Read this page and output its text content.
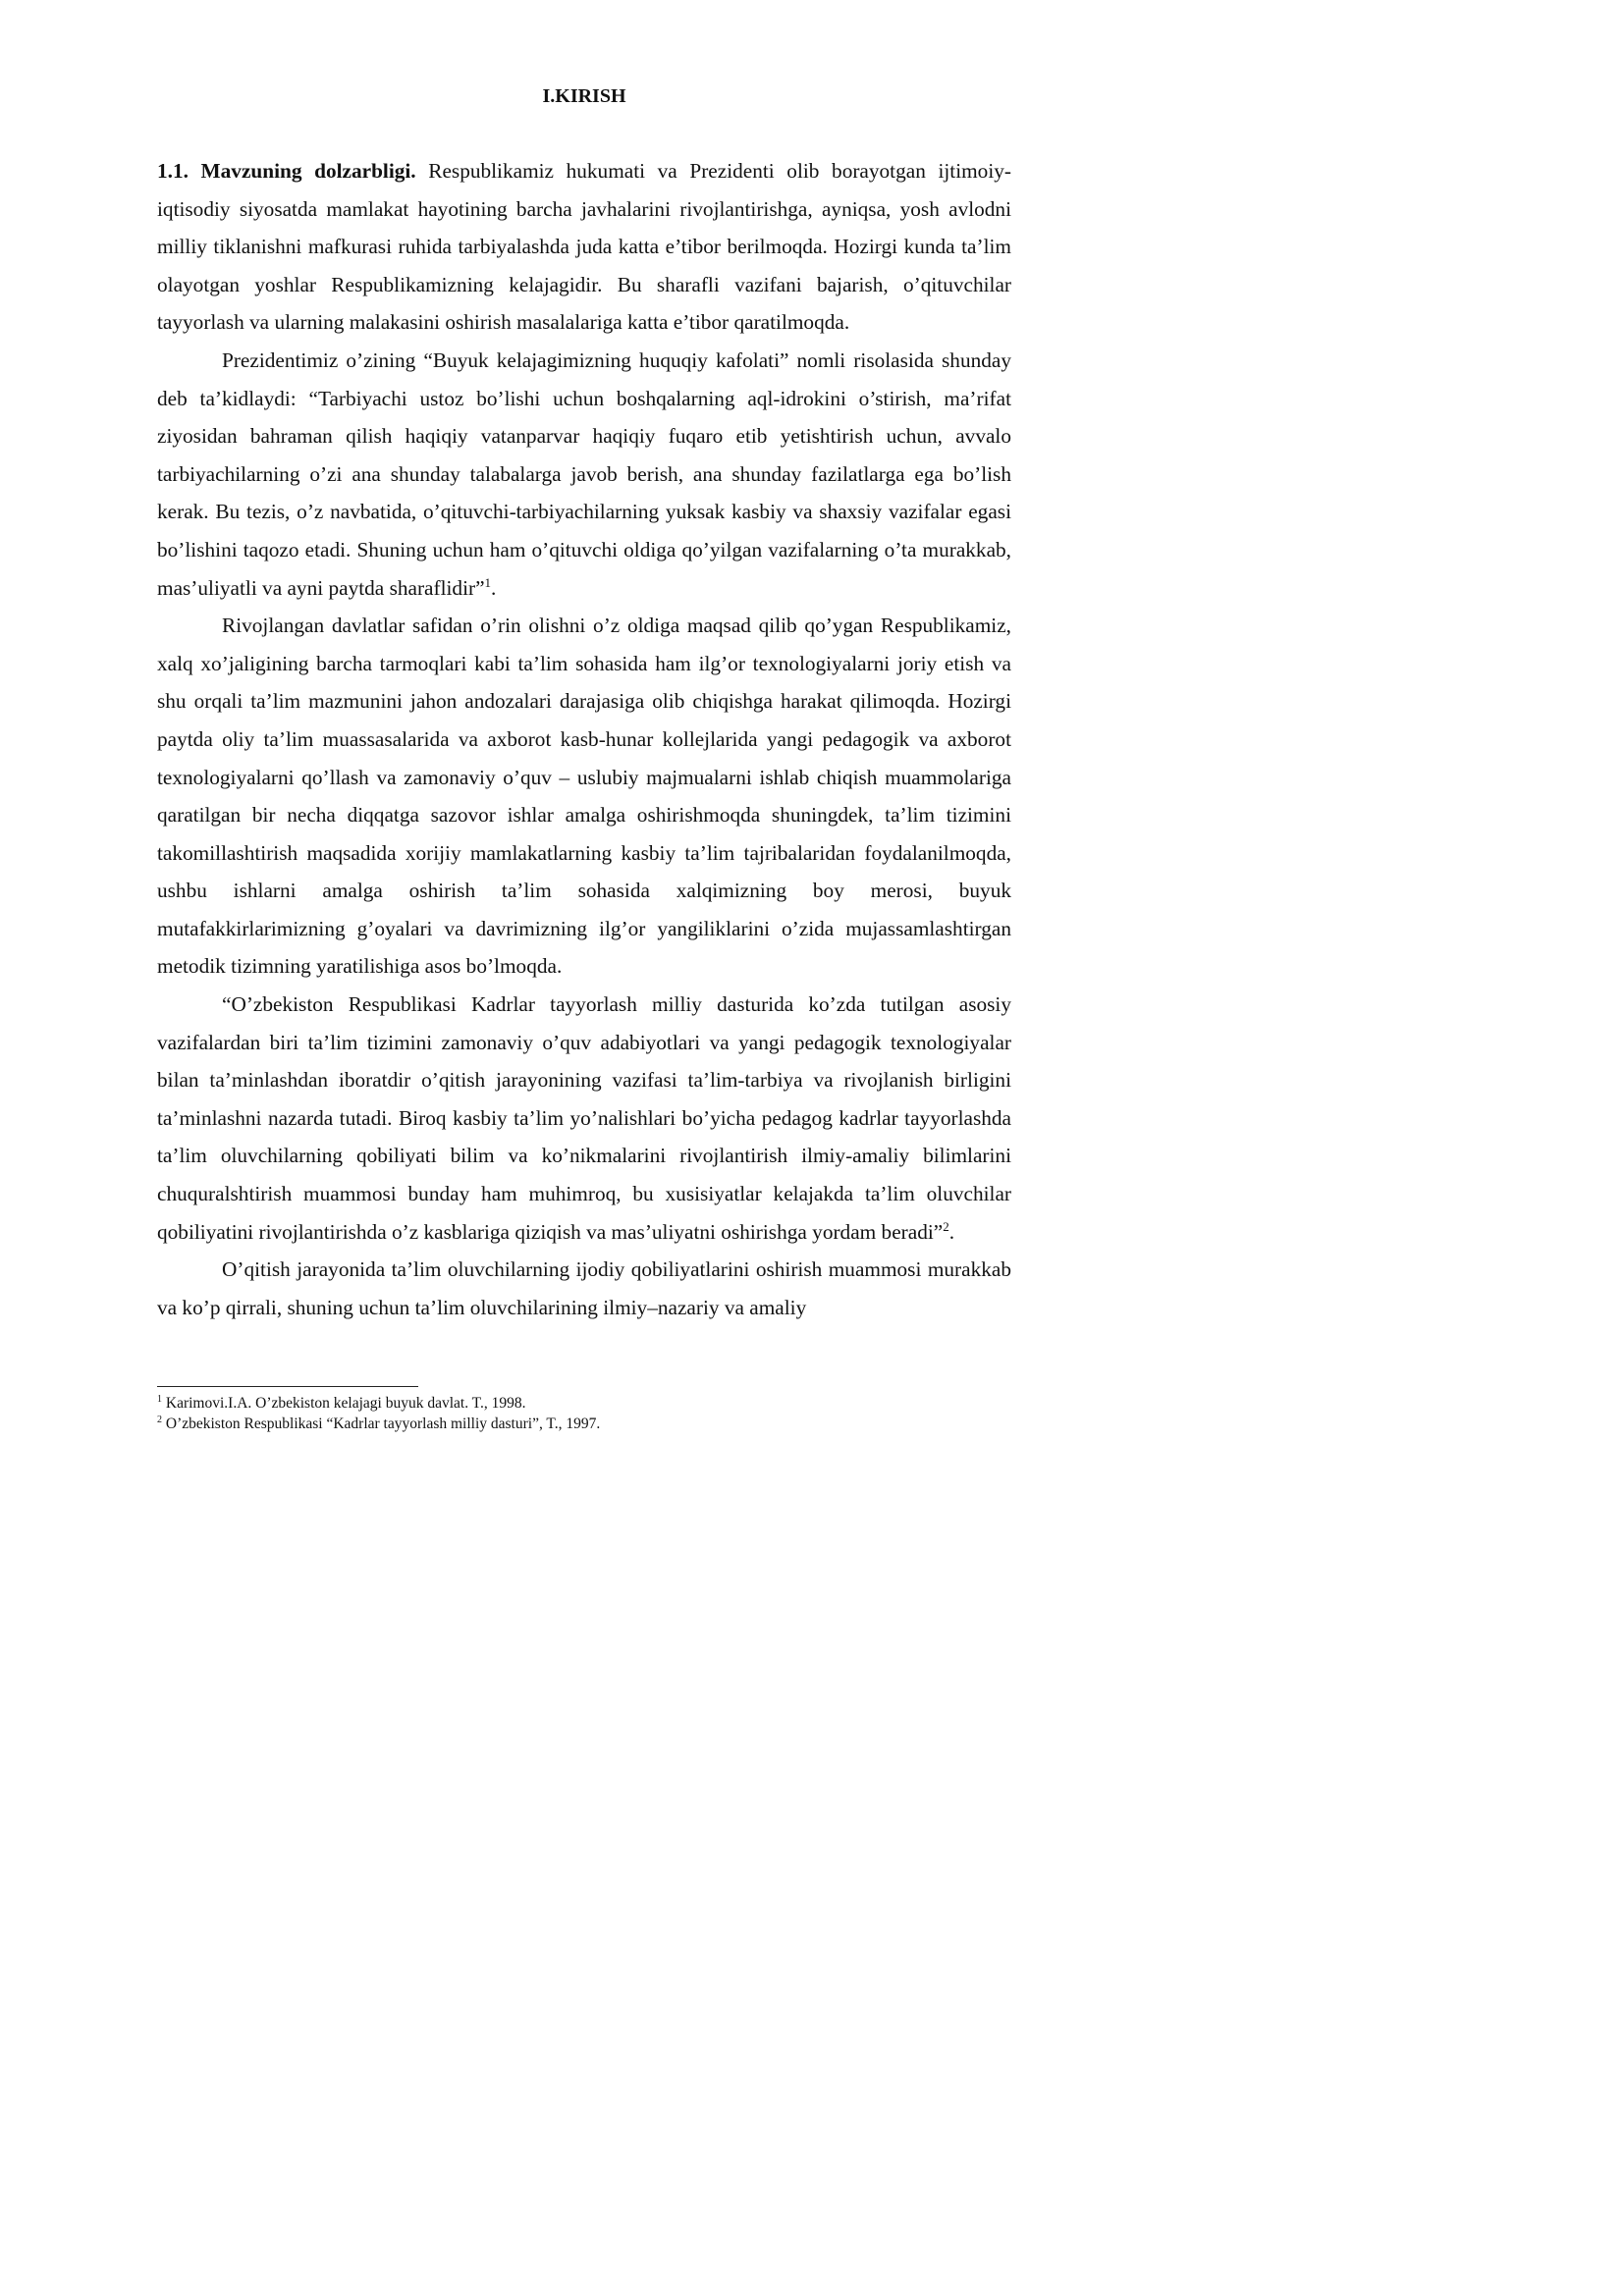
I.KIRISH

1.1. Mavzuning dolzarbligi. Respublikamiz hukumati va Prezidenti olib borayotgan ijtimoiy-iqtisodiy siyosatda mamlakat hayotining barcha javhalarini rivojlantirishga, ayniqsa, yosh avlodni milliy tiklanishni mafkurasi ruhida tarbiyalashda juda katta e’tibor berilmoqda. Hozirgi kunda ta’lim olayotgan yoshlar Respublikamizning kelajagidir. Bu sharafli vazifani bajarish, o’qituvchilar tayyorlash va ularning malakasini oshirish masalalariga katta e’tibor qaratilmoqda.

Prezidentimiz o’zining “Buyuk kelajagimizning huquqiy kafolati” nomli risolasida shunday deb ta’kidlaydi: “Tarbiyachi ustoz bo’lishi uchun boshqalarning aql-idrokini o’stirish, ma’rifat ziyosidan bahraman qilish haqiqiy vatanparvar haqiqiy fuqaro etib yetishtirish uchun, avvalo tarbiyachilarning o’zi ana shunday talabalarga javob berish, ana shunday fazilatlarga ega bo’lish kerak. Bu tezis, o’z navbatida, o’qituvchi-tarbiyachilarning yuksak kasbiy va shaxsiy vazifalar egasi bo’lishini taqozo etadi. Shuning uchun ham o’qituvchi oldiga qo’yilgan vazifalarning o’ta murakkab, mas’uliyatli va ayni paytda sharaflidir”$^1$.

Rivojlangan davlatlar safidan o’rin olishni o’z oldiga maqsad qilib qo’ygan Respublikamiz, xalq xo’jaligining barcha tarmoqlari kabi ta’lim sohasida ham ilg’or texnologiyalarni joriy etish va shu orqali ta’lim mazmunini jahon andozalari darajasiga olib chiqishga harakat qilimoqda. Hozirgi paytda oliy ta’lim muassasalarida va axborot kasb-hunar kollejlarida yangi pedagogik va axborot texnologiyalarni qo’llash va zamonaviy o’quv – uslubiy majmualarni ishlab chiqish muammolariga qaratilgan bir necha diqqatga sazovor ishlar amalga oshirishmoqda shuningdek, ta’lim tizimini takomillashtirish maqsadida xorijiy mamlakatlarning kasbiy ta’lim tajribalaridan foydalanilmoqda, ushbu ishlarni amalga oshirish ta’lim sohasida xalqimizning boy merosi, buyuk mutafakkirlarimizning g’oyalari va davrimizning ilg’or yangiliklarini o’zida mujassamlashtirgan metodik tizimning yaratilishiga asos bo’lmoqda.

“O’zbekiston Respublikasi Kadrlar tayyorlash milliy dasturida ko’zda tutilgan asosiy vazifalardan biri ta’lim tizimini zamonaviy o’quv adabiyotlari va yangi pedagogik texnologiyalar bilan ta’minlashdan iboratdir o’qitish jarayonining vazifasi ta’lim-tarbiya va rivojlanish birligini ta’minlashni nazarda tutadi. Biroq kasbiy ta’lim yo’nalishlari bo’yicha pedagog kadrlar tayyorlashda ta’lim oluvchilarning qobiliyati bilim va ko’nikmalarini rivojlantirish ilmiy-amaliy bilimlarini chuquralshtirish muammosi bunday ham muhimroq, bu xusisiyatlar kelajakda ta’lim oluvchilar qobiliyatini rivojlantirishda o’z kasblariga qiziqish va mas’uliyatni oshirishga yordam beradi”$^2$.

O’qitish jarayonida ta’lim oluvchilarning ijodiy qobiliyatlarini oshirish muammosi murakkab va ko’p qirrali, shuning uchun ta’lim oluvchilarining ilmiy–nazariy va amaliy

$^1$ Karimovi.I.A. O’zbekiston kelajagi buyuk davlat. T., 1998.

$^2$ O’zbekiston Respublikasi “Kadrlar tayyorlash milliy dasturi”, T., 1997.
